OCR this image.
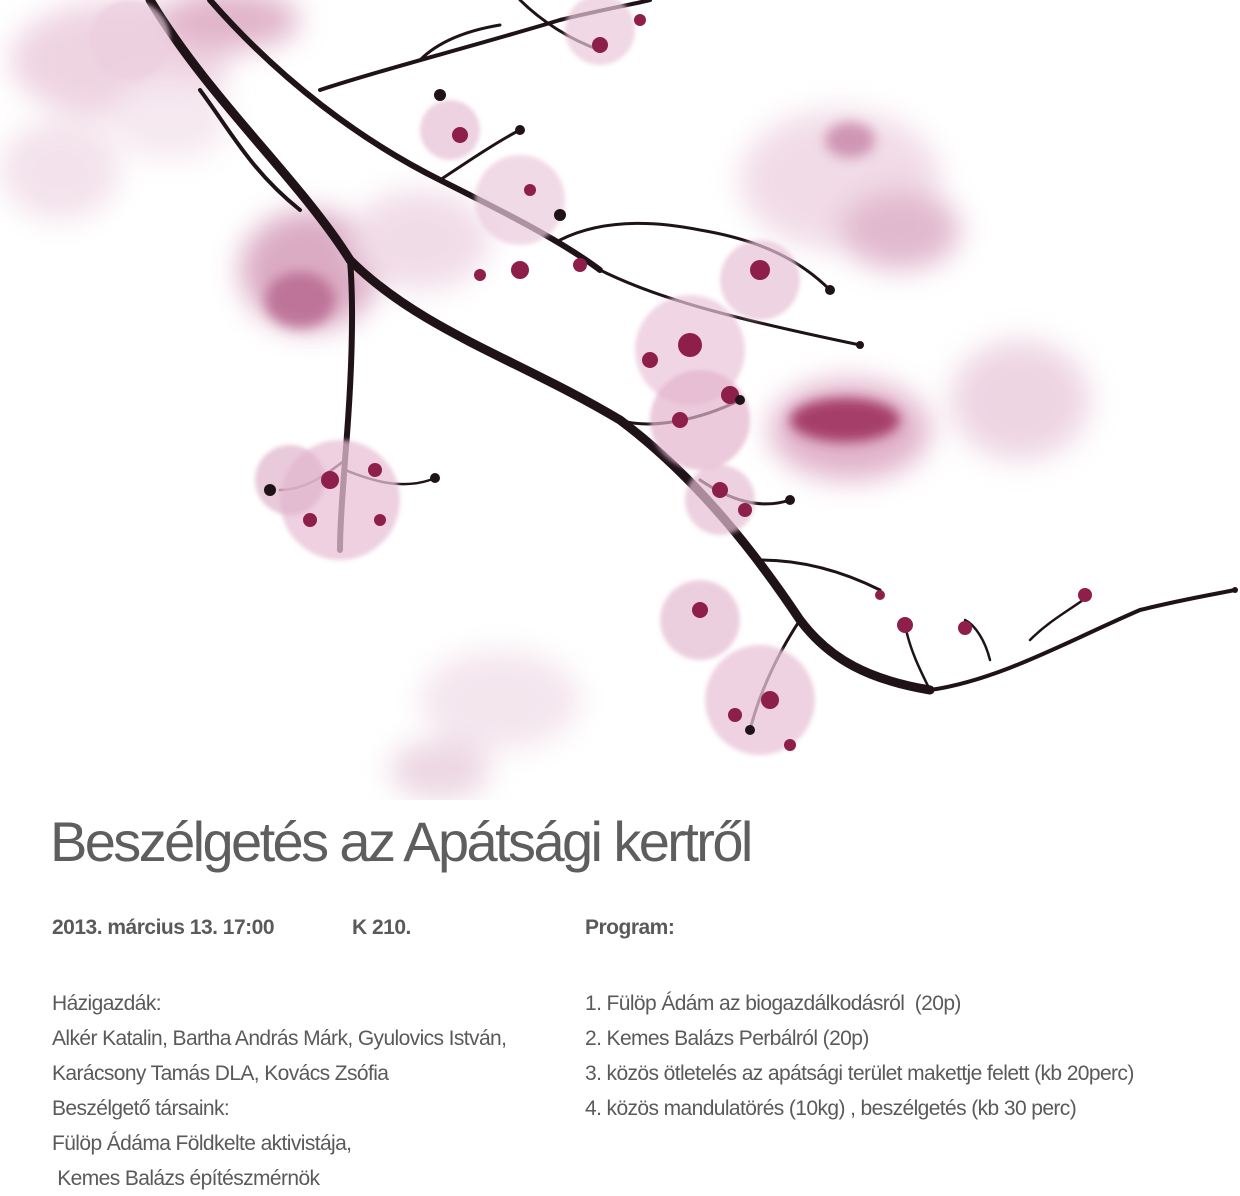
Beszélgetés az Apátsági kertről
2013. március 13. 17:00	K 210.	Program:
Házigazdák:
Alkér Katalin, Bartha András Márk, Gyulovics István,
Karácsony Tamás DLA, Kovács Zsófia
Beszélgető társaink:
Fülöp Ádáma Földkelte aktivistája,
Kemes Balázs építészmérnök
1. Fülöp Ádám az biogazdálkodásról  (20p)
2. Kemes Balázs Perbálról (20p)
3. közös ötletelés az apátsági terület makettje felett (kb 20perc)
4. közös mandulatörés (10kg) , beszélgetés (kb 30 perc)
